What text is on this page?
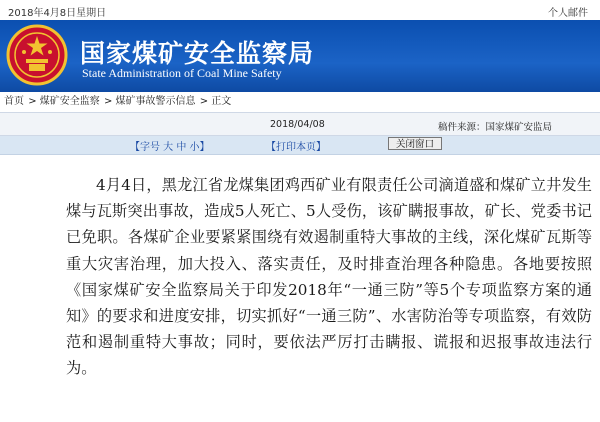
2018年4月8日星期日	个人邮件
国家煤矿安全监察局
State Administration of Coal Mine Safety
首页 > 煤矿安全监察 > 煤矿事故警示信息 > 正文
2018/04/08	稿件来源：国家煤矿安监局
【字号 大 中 小】	【打印本页】	关闭窗口

4月4日，黑龙江省龙煤集团鸡西矿业有限责任公司滴道盛和煤矿立井发生煤与瓦斯突出事故，造成5人死亡、5人受伤，该矿瞒报事故，矿长、党委书记已免职。各煤矿企业要紧紧围绕有效遏制重特大事故的主线，深化煤矿瓦斯等重大灾害治理，加大投入、落实责任，及时排查治理各种隐患。各地要按照《国家煤矿安全监察局关于印发2018年“一通三防”等5个专项监察方案的通知》的要求和进度安排，切实抓好“一通三防”、水害防治等专项监察，有效防范和遏制重特大事故；同时，要依法严厉打击瞒报、谎报和迟报事故违法行为。
